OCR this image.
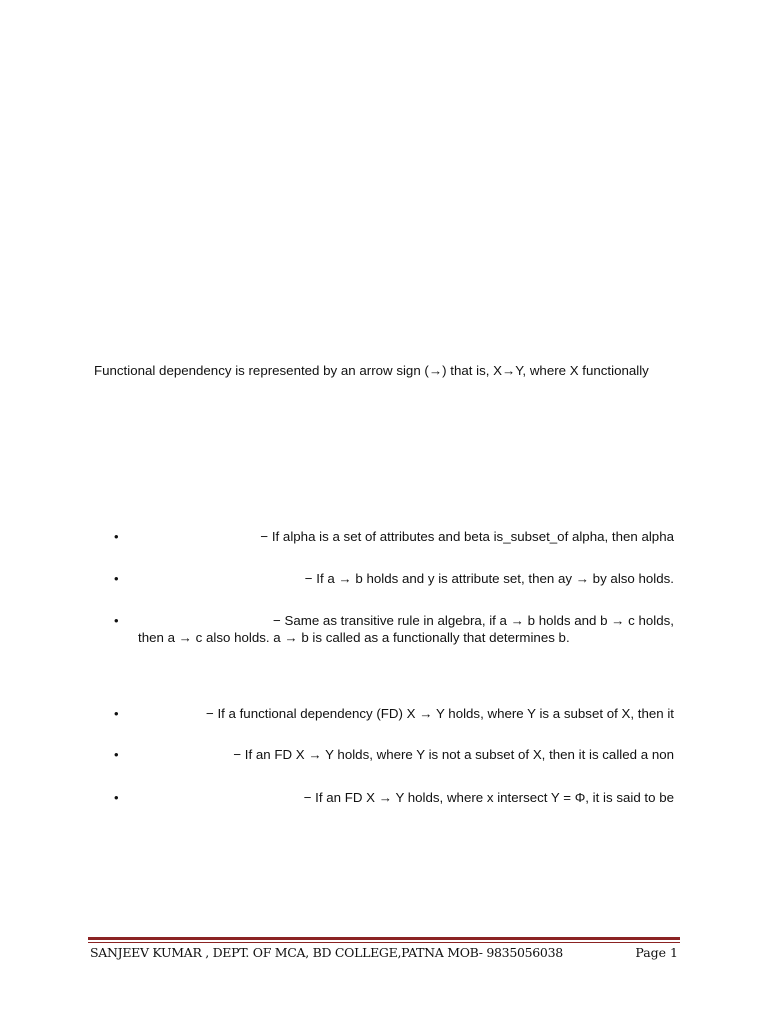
Functional dependency is represented by an arrow sign (→) that is, X→Y, where X functionally

•	− If alpha is a set of attributes and beta is_subset_of alpha, then alpha
•	− If a → b holds and y is attribute set, then ay → by also holds.
•	− Same as transitive rule in algebra, if a → b holds and b → c holds,
then a → c also holds. a → b is called as a functionally that determines b.
•	− If a functional dependency (FD) X → Y holds, where Y is a subset of X, then it
•	− If an FD X → Y holds, where Y is not a subset of X, then it is called a non
•	− If an FD X → Y holds, where x intersect Y = Φ, it is said to be
SANJEEV KUMAR , DEPT. OF MCA, BD COLLEGE,PATNA MOB- 9835056038	Page 1
